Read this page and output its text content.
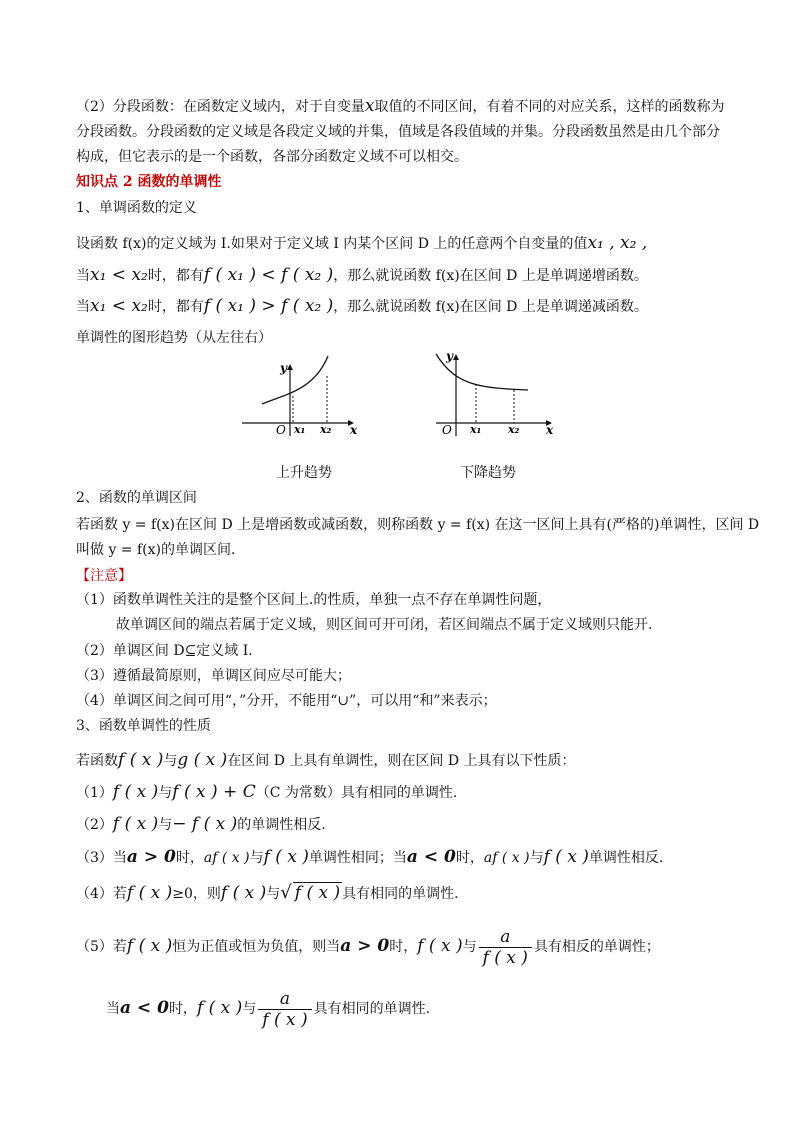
（2）分段函数：在函数定义域内，对于自变量x取值的不同区间，有着不同的对应关系，这样的函数称为
分段函数。分段函数的定义域是各段定义域的并集，值域是各段值域的并集。分段函数虽然是由几个部分
构成，但它表示的是一个函数，各部分函数定义域不可以相交。
知识点 2 函数的单调性
1、单调函数的定义
设函数 f(x)的定义域为 I.如果对于定义域 I 内某个区间 D 上的任意两个自变量的值x₁ , x₂ ,
当x₁ < x₂时，都有f ( x₁ ) < f ( x₂ )，那么就说函数 f(x)在区间 D 上是单调递增函数。
当x₁ < x₂时，都有f ( x₁ ) > f ( x₂ )，那么就说函数 f(x)在区间 D 上是单调递减函数。
单调性的图形趋势（从左往右）
y
O x₁ x₂ x
上升趋势
y
O x₁ x₂ x
下降趋势
2、函数的单调区间
若函数 y = f(x)在区间 D 上是增函数或减函数，则称函数 y = f(x) 在这一区间上具有(严格的)单调性，区间 D
叫做 y = f(x)的单调区间.
【注意】
（1）函数单调性关注的是整个区间上.的性质，单独一点不存在单调性问题，
故单调区间的端点若属于定义域，则区间可开可闭，若区间端点不属于定义域则只能开.
（2）单调区间 D⊆定义域 I.
（3）遵循最简原则，单调区间应尽可能大；
（4）单调区间之间可用“，”分开，不能用“∪”，可以用“和”来表示；
3、函数单调性的性质
若函数f ( x )与g ( x )在区间 D 上具有单调性，则在区间 D 上具有以下性质：
（1）f ( x )与f ( x ) + C（C 为常数）具有相同的单调性.
（2）f ( x )与− f ( x )的单调性相反.
（3）当a > 0时，af ( x )与f ( x )单调性相同；当a < 0时，af ( x )与f ( x )单调性相反.
（4）若f ( x )≥0，则f ( x )与√ f ( x ) 具有相同的单调性.
（5）若f ( x )恒为正值或恒为负值，则当a > 0时，f ( x )与 $\frac{a}{f ( x )}$ 具有相反的单调性；
当a < 0时，f ( x )与 $\frac{a}{f ( x )}$ 具有相同的单调性.
